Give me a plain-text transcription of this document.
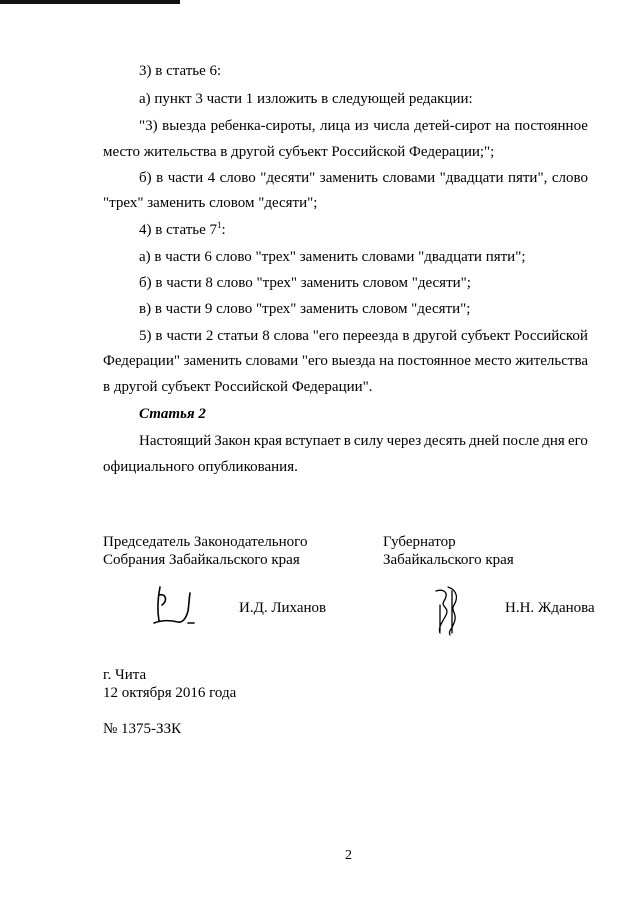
3) в статье 6:
а) пункт 3 части 1 изложить в следующей редакции:
"3) выезда ребенка-сироты, лица из числа детей-сирот на постоянное
место жительства в другой субъект Российской Федерации;";
б) в части 4 слово "десяти" заменить словами "двадцати пяти", слово
"трех" заменить словом "десяти";
4) в статье $7^1$:
а) в части 6 слово "трех" заменить словами "двадцати пяти";
б) в части 8 слово "трех" заменить словом "десяти";
в) в части 9 слово "трех" заменить словом "десяти";
5) в части 2 статьи 8 слова "его переезда в другой субъект Российской
Федерации" заменить словами "его выезда на постоянное место жительства
в другой субъект Российской Федерации".
Статья 2
Настоящий Закон края вступает в силу через десять дней после дня его
официального опубликования.
Председатель Законодательного
Собрания Забайкальского края
Губернатор
Забайкальского края
И.Д. Лиханов	Н.Н. Жданова
г. Чита
12 октября 2016 года
№ 1375-ЗЗК
2
